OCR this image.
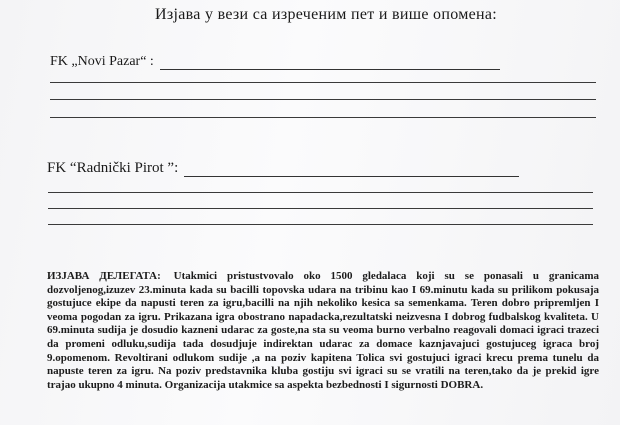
Изјава у вези са изреченим пет и више опомена:
FK „Novi Pazar“ :
FK “Radnički Pirot ”:
ИЗЈАВА ДЕЛЕГАТА: Utakmici pristustvovalo oko 1500 gledalaca koji su se ponasali u granicama dozvoljenog,izuzev 23.minuta kada su bacilli topovska udara na tribinu kao I 69.minutu kada su prilikom pokusaja gostujuce ekipe da napusti teren za igru,bacilli na njih nekoliko kesica sa semenkama. Teren dobro pripremljen I veoma pogodan za igru. Prikazana igra obostrano napadacka,rezultatski neizvesna I dobrog fudbalskog kvaliteta. U 69.minuta sudija je dosudio kazneni udarac za goste,na sta su veoma burno verbalno reagovali domaci igraci trazeci da promeni odluku,sudija tada dosudjuje indirektan udarac za domace kaznjavajuci gostujuceg igraca broj 9.opomenom. Revoltirani odlukom sudije ,a na poziv kapitena Tolica svi gostujuci igraci krecu prema tunelu da napuste teren za igru. Na poziv predstavnika kluba gostiju svi igraci su se vratili na teren,tako da je prekid igre trajao ukupno 4 minuta. Organizacija utakmice sa aspekta bezbednosti I sigurnosti DOBRA.
